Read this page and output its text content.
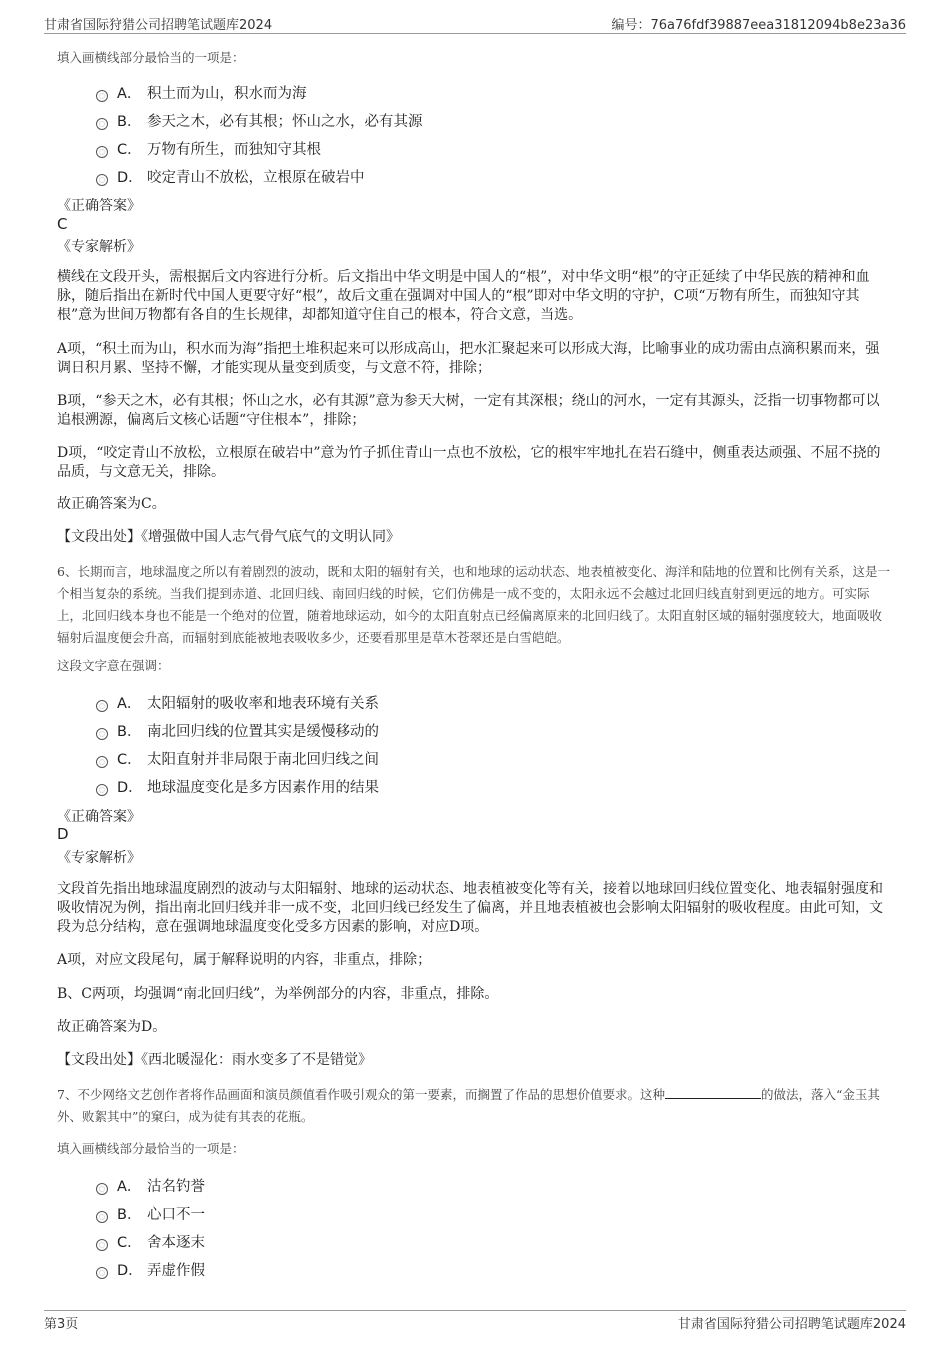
甘肃省国际狩猎公司招聘笔试题库2024	编号：76a76fdf39887eea31812094b8e23a36
填入画横线部分最恰当的一项是：
A． 积土而为山，积水而为海
B． 参天之木，必有其根；怀山之水，必有其源
C． 万物有所生，而独知守其根
D． 咬定青山不放松，立根原在破岩中
《正确答案》
C
《专家解析》
横线在文段开头，需根据后文内容进行分析。后文指出中华文明是中国人的“根”，对中华文明“根”的守正延续了中华民族的精神和血脉，随后指出在新时代中国人更要守好“根”，故后文重在强调对中国人的“根”即对中华文明的守护，C项“万物有所生，而独知守其根”意为世间万物都有各自的生长规律，却都知道守住自己的根本，符合文意，当选。
A项，“积土而为山，积水而为海”指把土堆积起来可以形成高山，把水汇聚起来可以形成大海，比喻事业的成功需由点滴积累而来，强调日积月累、坚持不懈，才能实现从量变到质变，与文意不符，排除；
B项，“参天之木，必有其根；怀山之水，必有其源”意为参天大树，一定有其深根；绕山的河水，一定有其源头，泛指一切事物都可以追根溯源，偏离后文核心话题“守住根本”，排除；
D项，“咬定青山不放松，立根原在破岩中”意为竹子抓住青山一点也不放松，它的根牢牢地扎在岩石缝中，侧重表达顽强、不屈不挠的品质，与文意无关，排除。
故正确答案为C。
【文段出处】《增强做中国人志气骨气底气的文明认同》
6、长期而言，地球温度之所以有着剧烈的波动，既和太阳的辐射有关，也和地球的运动状态、地表植被变化、海洋和陆地的位置和比例有关系，这是一个相当复杂的系统。当我们提到赤道、北回归线、南回归线的时候，它们仿佛是一成不变的，太阳永远不会越过北回归线直射到更远的地方。可实际上，北回归线本身也不能是一个绝对的位置，随着地球运动，如今的太阳直射点已经偏离原来的北回归线了。太阳直射区域的辐射强度较大，地面吸收辐射后温度便会升高，而辐射到底能被地表吸收多少，还要看那里是草木苍翠还是白雪皑皑。
这段文字意在强调：
A． 太阳辐射的吸收率和地表环境有关系
B． 南北回归线的位置其实是缓慢移动的
C． 太阳直射并非局限于南北回归线之间
D． 地球温度变化是多方因素作用的结果
《正确答案》
D
《专家解析》
文段首先指出地球温度剧烈的波动与太阳辐射、地球的运动状态、地表植被变化等有关，接着以地球回归线位置变化、地表辐射强度和吸收情况为例，指出南北回归线并非一成不变，北回归线已经发生了偏离，并且地表植被也会影响太阳辐射的吸收程度。由此可知，文段为总分结构，意在强调地球温度变化受多方因素的影响，对应D项。
A项，对应文段尾句，属于解释说明的内容，非重点，排除；
B、C两项，均强调“南北回归线”，为举例部分的内容，非重点，排除。
故正确答案为D。
【文段出处】《西北暖湿化：雨水变多了不是错觉》
7、不少网络文艺创作者将作品画面和演员颜值看作吸引观众的第一要素，而搁置了作品的思想价值要求。这种	的做法，落入“金玉其外、败絮其中”的窠臼，成为徒有其表的花瓶。
填入画横线部分最恰当的一项是：
A． 沽名钓誉
B． 心口不一
C． 舍本逐末
D． 弄虚作假
第3页	甘肃省国际狩猎公司招聘笔试题库2024
